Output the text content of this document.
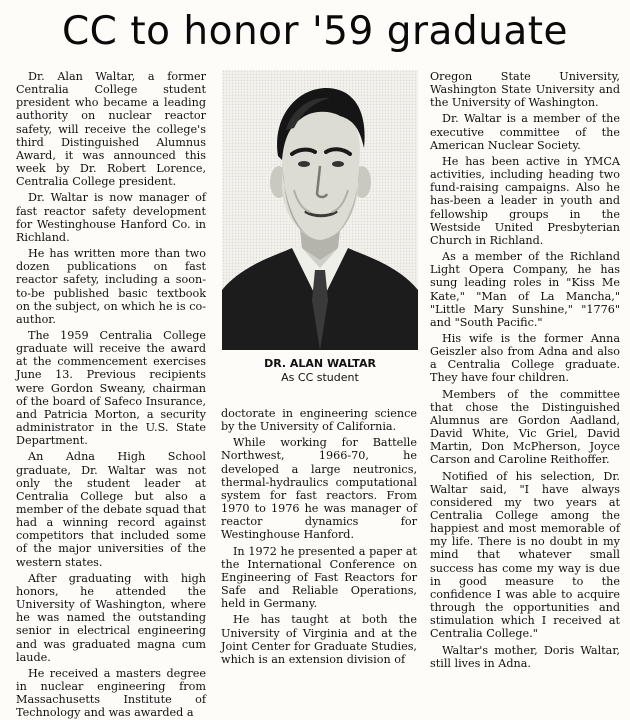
CC to honor '59 graduate

Dr. Alan Waltar, a former Centralia College student president who became a leading authority on nuclear reactor safety, will receive the college's third Distinguished Alumnus Award, it was announced this week by Dr. Robert Lorence, Centralia College president.

Dr. Waltar is now manager of fast reactor safety development for Westinghouse Hanford Co. in Richland.

He has written more than two dozen publications on fast reactor safety, including a soon-to-be published basic textbook on the subject, on which he is co-author.

The 1959 Centralia College graduate will receive the award at the commencement exercises June 13. Previous recipients were Gordon Sweany, chairman of the board of Safeco Insurance, and Patricia Morton, a security administrator in the U.S. State Department.

An Adna High School graduate, Dr. Waltar was not only the student leader at Centralia College but also a member of the debate squad that had a winning record against competitors that included some of the major universities of the western states.

After graduating with high honors, he attended the University of Washington, where he was named the outstanding senior in electrical engineering and was graduated magna cum laude.

He received a masters degree in nuclear engineering from Massachusetts Institute of Technology and was awarded a

DR. ALAN WALTAR
As CC student

doctorate in engineering science by the University of California.

While working for Battelle Northwest, 1966-70, he developed a large neutronics, thermal-hydraulics computational system for fast reactors. From 1970 to 1976 he was manager of reactor dynamics for Westinghouse Hanford.

In 1972 he presented a paper at the International Conference on Engineering of Fast Reactors for Safe and Reliable Operations, held in Germany.

He has taught at both the University of Virginia and at the Joint Center for Graduate Studies, which is an extension division of

Oregon State University, Washington State University and the University of Washington.

Dr. Waltar is a member of the executive committee of the American Nuclear Society.

He has been active in YMCA activities, including heading two fund-raising campaigns. Also he has-been a leader in youth and fellowship groups in the Westside United Presbyterian Church in Richland.

As a member of the Richland Light Opera Company, he has sung leading roles in "Kiss Me Kate," "Man of La Mancha," "Little Mary Sunshine," "1776" and "South Pacific."

His wife is the former Anna Geiszler also from Adna and also a Centralia College graduate. They have four children.

Members of the committee that chose the Distinguished Alumnus are Gordon Aadland, David White, Vic Griel, David Martin, Don McPherson, Joyce Carson and Caroline Reithoffer.

Notified of his selection, Dr. Waltar said, "I have always considered my two years at Centralia College among the happiest and most memorable of my life. There is no doubt in my mind that whatever small success has come my way is due in good measure to the confidence I was able to acquire through the opportunities and stimulation which I received at Centralia College."

Waltar's mother, Doris Waltar, still lives in Adna.
